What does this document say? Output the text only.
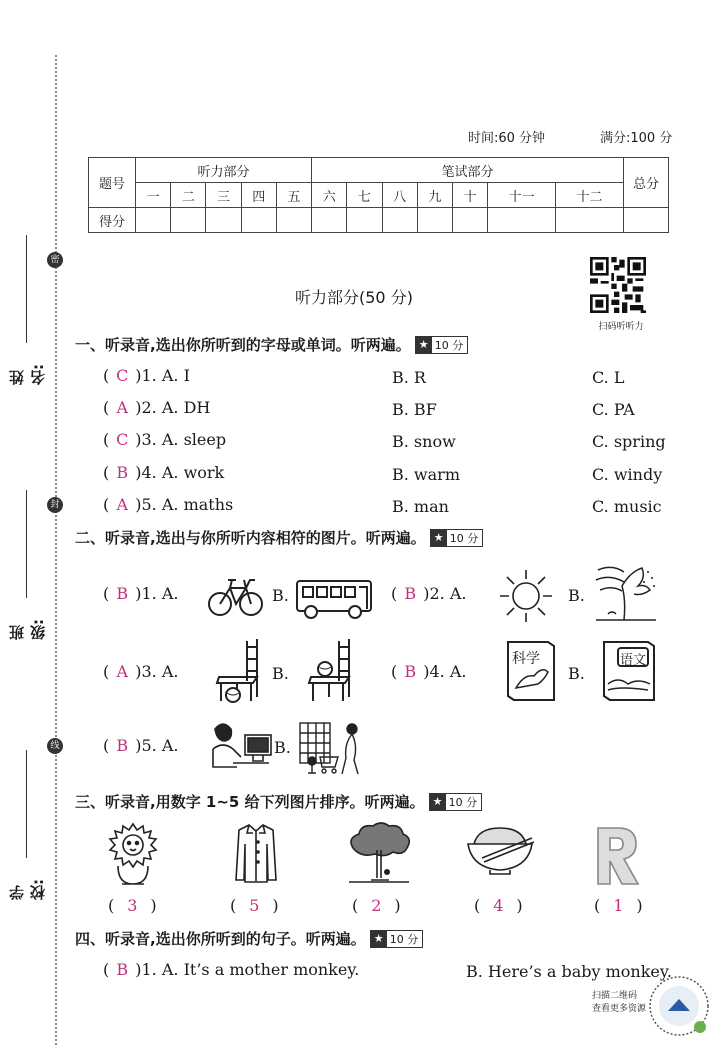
密
封
线
姓名:
班级:
学校:
时间:60 分钟	满分:100 分
题号	听力部分					笔试部分							总分
	一	二	三	四	五	六	七	八	九	十	十一	十二	
得分													
扫码听听力
听力部分(50 分)
一、听录音,选出你所听到的字母或单词。听两遍。 ★ 10 分
( C )1. A. I	B. R	C. L
( A )2. A. DH	B. BF	C. PA
( C )3. A. sleep	B. snow	C. spring
( B )4. A. work	B. warm	C. windy
( A )5. A. maths	B. man	C. music
二、听录音,选出与你所听内容相符的图片。听两遍。 ★ 10 分
( B )1. A.	B.	( B )2. A.	B.
( A )3. A.	B.	( B )4. A.
科学
B.
语文
( B )5. A.	B.
三、听录音,用数字 1~5 给下列图片排序。听两遍。 ★ 10 分
( 3 )	( 5 )	( 2 )	( 4 )	( 1 )
四、听录音,选出你所听到的句子。听两遍。 ★ 10 分
( B )1. A. It’s a mother monkey.	B. Here’s a baby monkey.
扫描二维码
查看更多资源
